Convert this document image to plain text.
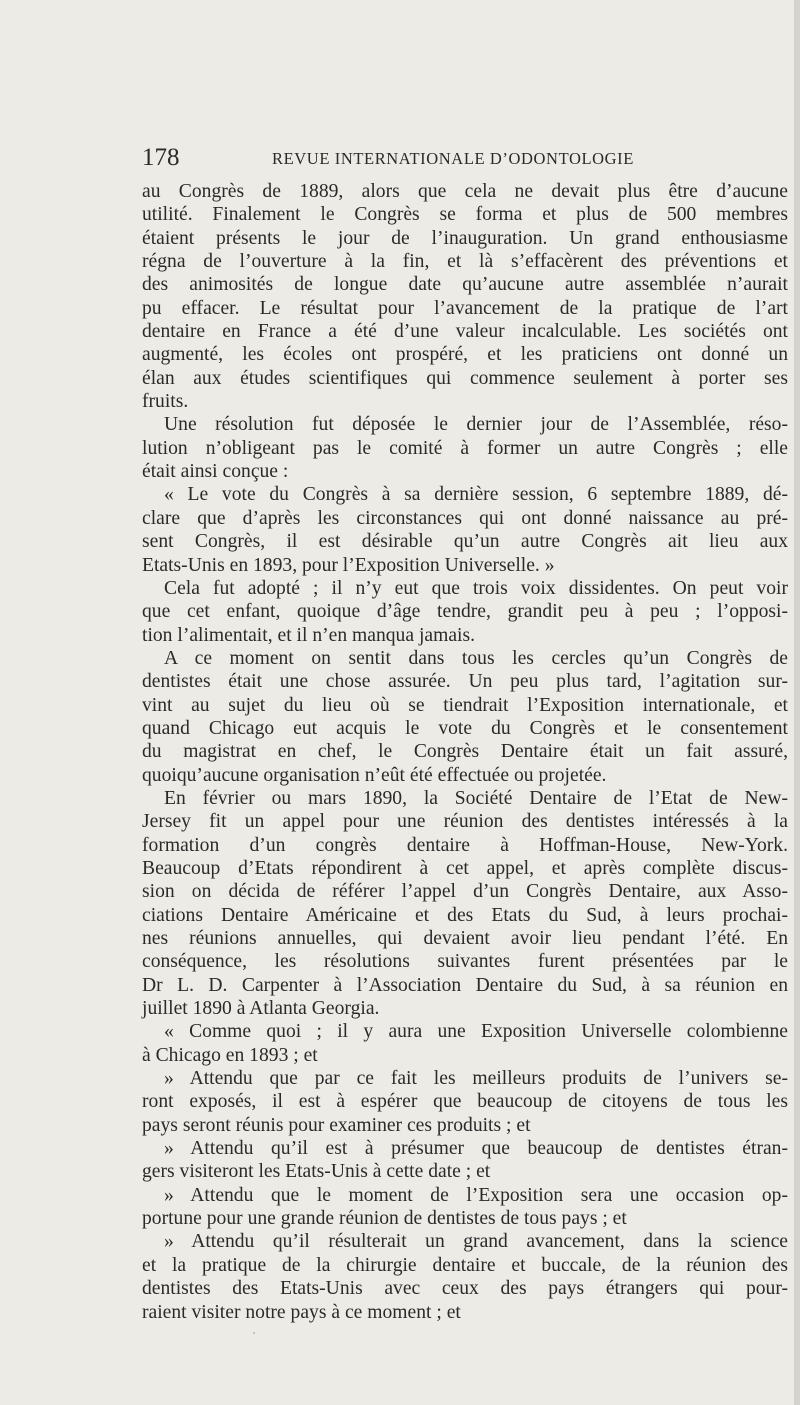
178	REVUE INTERNATIONALE D’ODONTOLOGIE
au Congrès de 1889, alors que cela ne devait plus être d’aucune
utilité. Finalement le Congrès se forma et plus de 500 membres
étaient présents le jour de l’inauguration. Un grand enthousiasme
régna de l’ouverture à la fin, et là s’effacèrent des préventions et
des animosités de longue date qu’aucune autre assemblée n’aurait
pu effacer. Le résultat pour l’avancement de la pratique de l’art
dentaire en France a été d’une valeur incalculable. Les sociétés ont
augmenté, les écoles ont prospéré, et les praticiens ont donné un
élan aux études scientifiques qui commence seulement à porter ses
fruits.
Une résolution fut déposée le dernier jour de l’Assemblée, réso-
lution n’obligeant pas le comité à former un autre Congrès ; elle
était ainsi conçue :
« Le vote du Congrès à sa dernière session, 6 septembre 1889, dé-
clare que d’après les circonstances qui ont donné naissance au pré-
sent Congrès, il est désirable qu’un autre Congrès ait lieu aux
Etats-Unis en 1893, pour l’Exposition Universelle. »
Cela fut adopté ; il n’y eut que trois voix dissidentes. On peut voir
que cet enfant, quoique d’âge tendre, grandit peu à peu ; l’opposi-
tion l’alimentait, et il n’en manqua jamais.
A ce moment on sentit dans tous les cercles qu’un Congrès de
dentistes était une chose assurée. Un peu plus tard, l’agitation sur-
vint au sujet du lieu où se tiendrait l’Exposition internationale, et
quand Chicago eut acquis le vote du Congrès et le consentement
du magistrat en chef, le Congrès Dentaire était un fait assuré,
quoiqu’aucune organisation n’eût été effectuée ou projetée.
En février ou mars 1890, la Société Dentaire de l’Etat de New-
Jersey fit un appel pour une réunion des dentistes intéressés à la
formation d’un congrès dentaire à Hoffman-House, New-York.
Beaucoup d’Etats répondirent à cet appel, et après complète discus-
sion on décida de référer l’appel d’un Congrès Dentaire, aux Asso-
ciations Dentaire Américaine et des Etats du Sud, à leurs prochai-
nes réunions annuelles, qui devaient avoir lieu pendant l’été. En
conséquence, les résolutions suivantes furent présentées par le
Dr L. D. Carpenter à l’Association Dentaire du Sud, à sa réunion en
juillet 1890 à Atlanta Georgia.
« Comme quoi ; il y aura une Exposition Universelle colombienne
à Chicago en 1893 ; et
» Attendu que par ce fait les meilleurs produits de l’univers se-
ront exposés, il est à espérer que beaucoup de citoyens de tous les
pays seront réunis pour examiner ces produits ; et
» Attendu qu’il est à présumer que beaucoup de dentistes étran-
gers visiteront les Etats-Unis à cette date ; et
» Attendu que le moment de l’Exposition sera une occasion op-
portune pour une grande réunion de dentistes de tous pays ; et
» Attendu qu’il résulterait un grand avancement, dans la science
et la pratique de la chirurgie dentaire et buccale, de la réunion des
dentistes des Etats-Unis avec ceux des pays étrangers qui pour-
raient visiter notre pays à ce moment ; et
